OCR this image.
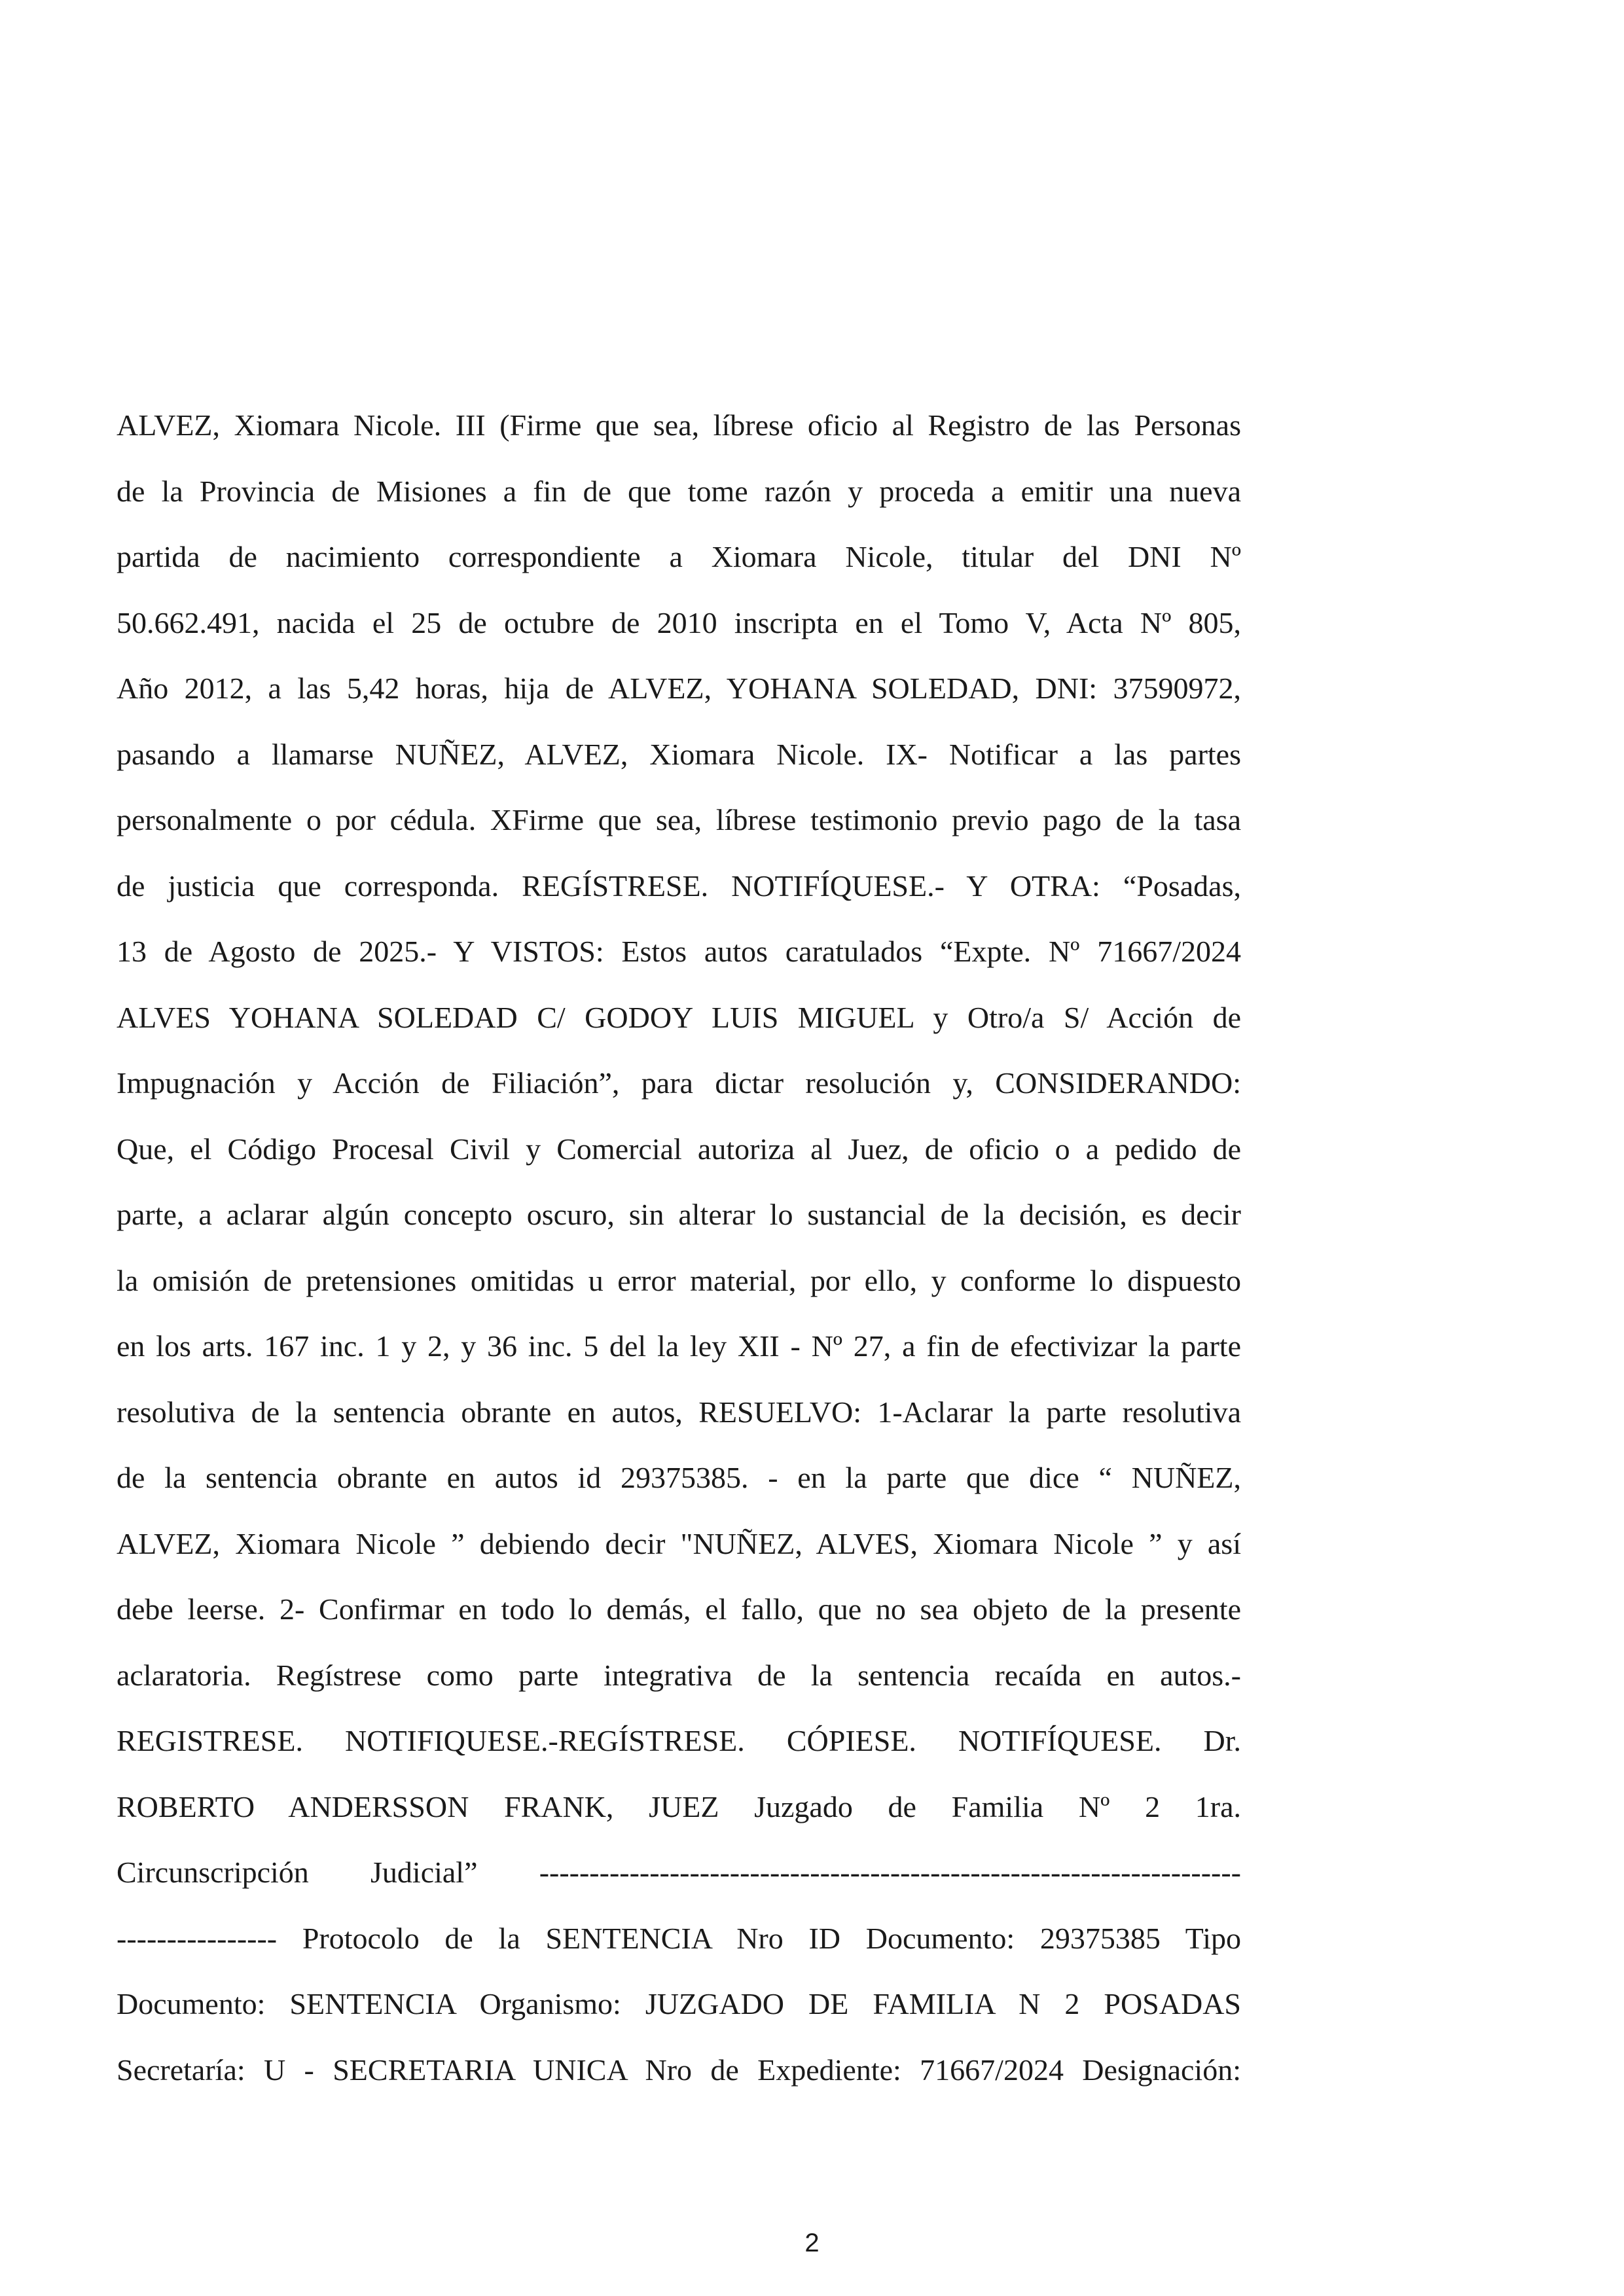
ALVEZ, Xiomara Nicole. III (Firme que sea, líbrese oficio al Registro de las Personas
de la Provincia de Misiones a fin de que tome razón y proceda a emitir una nueva
partida de nacimiento correspondiente a Xiomara Nicole, titular del DNI Nº
50.662.491, nacida el 25 de octubre de 2010 inscripta en el Tomo V, Acta Nº 805,
Año 2012, a las 5,42 horas, hija de ALVEZ, YOHANA SOLEDAD, DNI: 37590972,
pasando a llamarse NUÑEZ, ALVEZ, Xiomara Nicole. IX- Notificar a las partes
personalmente o por cédula. XFirme que sea, líbrese testimonio previo pago de la tasa
de justicia que corresponda. REGÍSTRESE. NOTIFÍQUESE.- Y OTRA: “Posadas,
13 de Agosto de 2025.- Y VISTOS: Estos autos caratulados “Expte. Nº 71667/2024
ALVES YOHANA SOLEDAD C/ GODOY LUIS MIGUEL y Otro/a S/ Acción de
Impugnación y Acción de Filiación”, para dictar resolución y, CONSIDERANDO:
Que, el Código Procesal Civil y Comercial autoriza al Juez, de oficio o a pedido de
parte, a aclarar algún concepto oscuro, sin alterar lo sustancial de la decisión, es decir
la omisión de pretensiones omitidas u error material, por ello, y conforme lo dispuesto
en los arts. 167 inc. 1 y 2, y 36 inc. 5 del la ley XII - Nº 27, a fin de efectivizar la parte
resolutiva de la sentencia obrante en autos, RESUELVO: 1-Aclarar la parte resolutiva
de la sentencia obrante en autos id 29375385. - en la parte que dice “ NUÑEZ,
ALVEZ, Xiomara Nicole ” debiendo decir "NUÑEZ, ALVES, Xiomara Nicole ” y así
debe leerse. 2- Confirmar en todo lo demás, el fallo, que no sea objeto de la presente
aclaratoria. Regístrese como parte integrativa de la sentencia recaída en autos.-
REGISTRESE. NOTIFIQUESE.-REGÍSTRESE. CÓPIESE. NOTIFÍQUESE. Dr.
ROBERTO ANDERSSON FRANK, JUEZ Juzgado de Familia Nº 2 1ra.
Circunscripción Judicial” ----------------------------------------------------------------------
---------------- Protocolo de la SENTENCIA Nro ID Documento: 29375385 Tipo
Documento: SENTENCIA Organismo: JUZGADO DE FAMILIA N 2 POSADAS
Secretaría: U - SECRETARIA UNICA Nro de Expediente: 71667/2024 Designación:
2
